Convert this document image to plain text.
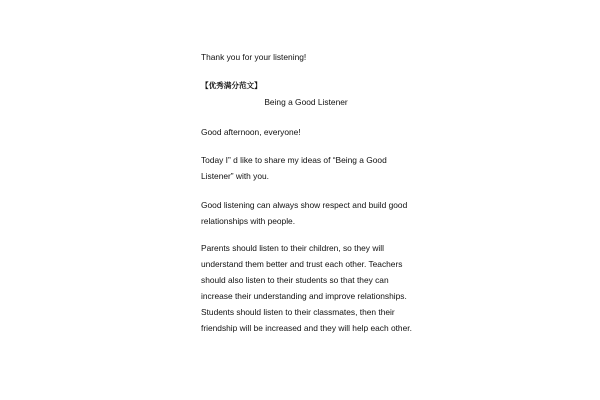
Thank you for your listening!
【优秀满分范文】
Being a Good Listener
Good afternoon, everyone!
Today I” d like to share my ideas of “Being a Good
Listener” with you.
Good listening can always show respect and build good
relationships with people.
Parents should listen to their children, so they will
understand them better and trust each other. Teachers
should also listen to their students so that they can
increase their understanding and improve relationships.
Students should listen to their classmates, then their
friendship will be increased and they will help each other.
